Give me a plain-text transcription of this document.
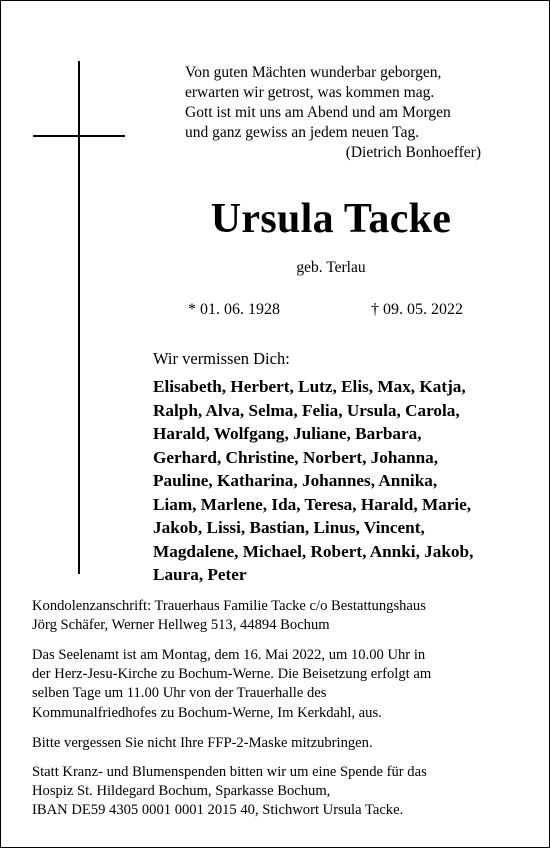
Von guten Mächten wunderbar geborgen,
erwarten wir getrost, was kommen mag.
Gott ist mit uns am Abend und am Morgen
und ganz gewiss an jedem neuen Tag.
(Dietrich Bonhoeffer)
Ursula Tacke
geb. Terlau
* 01. 06. 1928	† 09. 05. 2022
Wir vermissen Dich:
Elisabeth, Herbert, Lutz, Elis, Max, Katja,
Ralph, Alva, Selma, Felia, Ursula, Carola,
Harald, Wolfgang, Juliane, Barbara,
Gerhard, Christine, Norbert, Johanna,
Pauline, Katharina, Johannes, Annika,
Liam, Marlene, Ida, Teresa, Harald, Marie,
Jakob, Lissi, Bastian, Linus, Vincent,
Magdalene, Michael, Robert, Annki, Jakob,
Laura, Peter
Kondolenzanschrift: Trauerhaus Familie Tacke c/o Bestattungshaus
Jörg Schäfer, Werner Hellweg 513, 44894 Bochum
Das Seelenamt ist am Montag, dem 16. Mai 2022, um 10.00 Uhr in
der Herz-Jesu-Kirche zu Bochum-Werne. Die Beisetzung erfolgt am
selben Tage um 11.00 Uhr von der Trauerhalle des
Kommunalfriedhofes zu Bochum-Werne, Im Kerkdahl, aus.
Bitte vergessen Sie nicht Ihre FFP-2-Maske mitzubringen.
Statt Kranz- und Blumenspenden bitten wir um eine Spende für das
Hospiz St. Hildegard Bochum, Sparkasse Bochum,
IBAN DE59 4305 0001 0001 2015 40, Stichwort Ursula Tacke.
